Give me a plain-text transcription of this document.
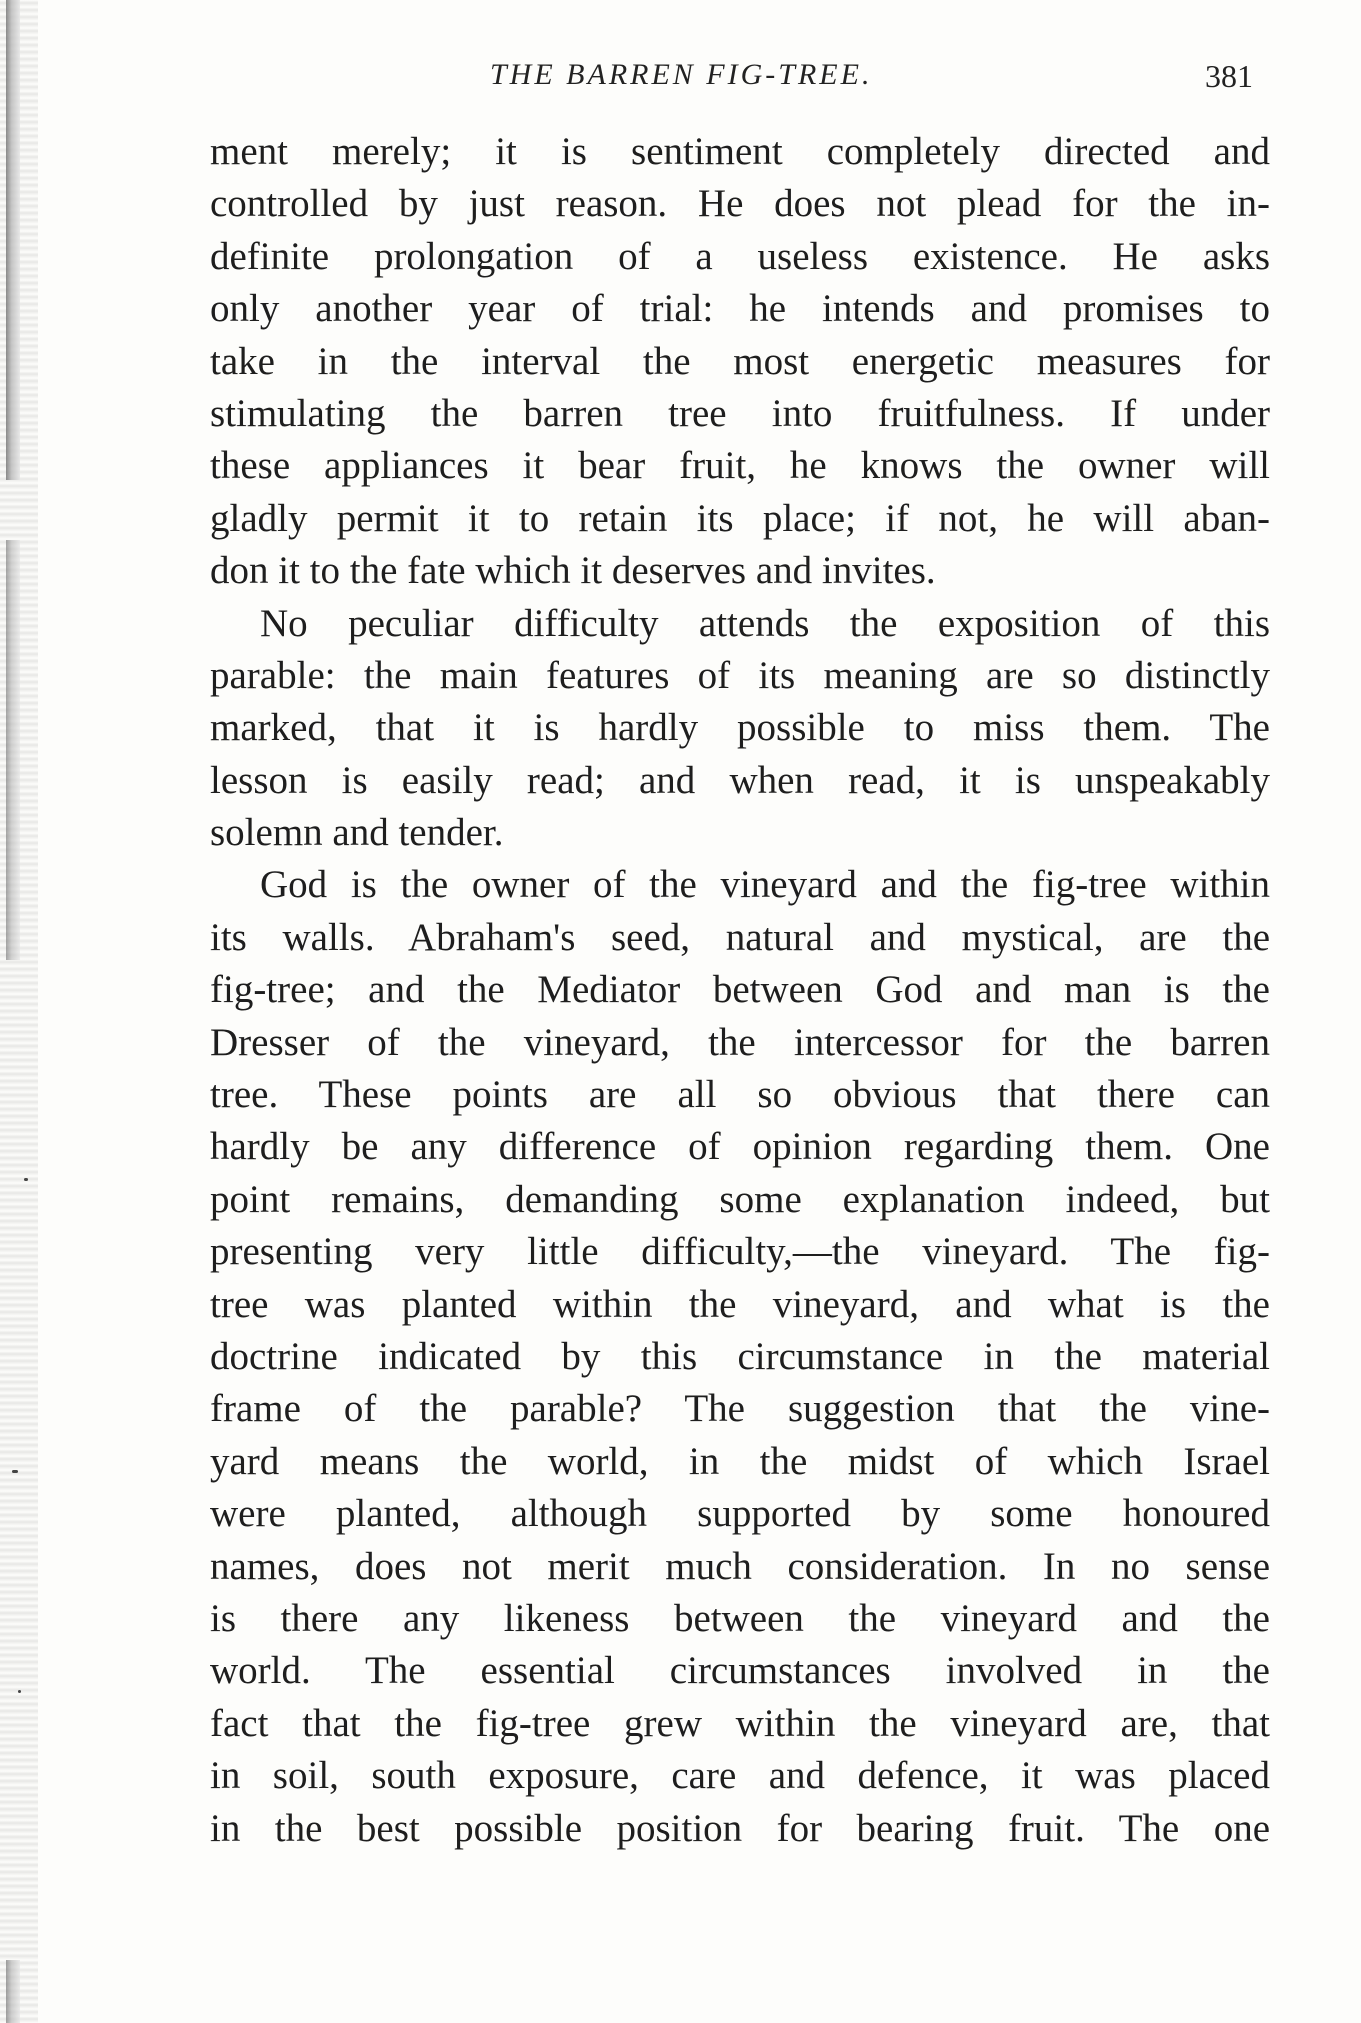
THE BARREN FIG-TREE.	381
ment merely; it is sentiment completely directed and
controlled by just reason. He does not plead for the in-
definite prolongation of a useless existence. He asks
only another year of trial: he intends and promises to
take in the interval the most energetic measures for
stimulating the barren tree into fruitfulness. If under
these appliances it bear fruit, he knows the owner will
gladly permit it to retain its place; if not, he will aban-
don it to the fate which it deserves and invites.
No peculiar difficulty attends the exposition of this
parable: the main features of its meaning are so distinctly
marked, that it is hardly possible to miss them. The
lesson is easily read; and when read, it is unspeakably
solemn and tender.
God is the owner of the vineyard and the fig-tree within
its walls. Abraham's seed, natural and mystical, are the
fig-tree; and the Mediator between God and man is the
Dresser of the vineyard, the intercessor for the barren
tree. These points are all so obvious that there can
hardly be any difference of opinion regarding them. One
point remains, demanding some explanation indeed, but
presenting very little difficulty,—the vineyard. The fig-
tree was planted within the vineyard, and what is the
doctrine indicated by this circumstance in the material
frame of the parable? The suggestion that the vine-
yard means the world, in the midst of which Israel
were planted, although supported by some honoured
names, does not merit much consideration. In no sense
is there any likeness between the vineyard and the
world. The essential circumstances involved in the
fact that the fig-tree grew within the vineyard are, that
in soil, south exposure, care and defence, it was placed
in the best possible position for bearing fruit. The one
